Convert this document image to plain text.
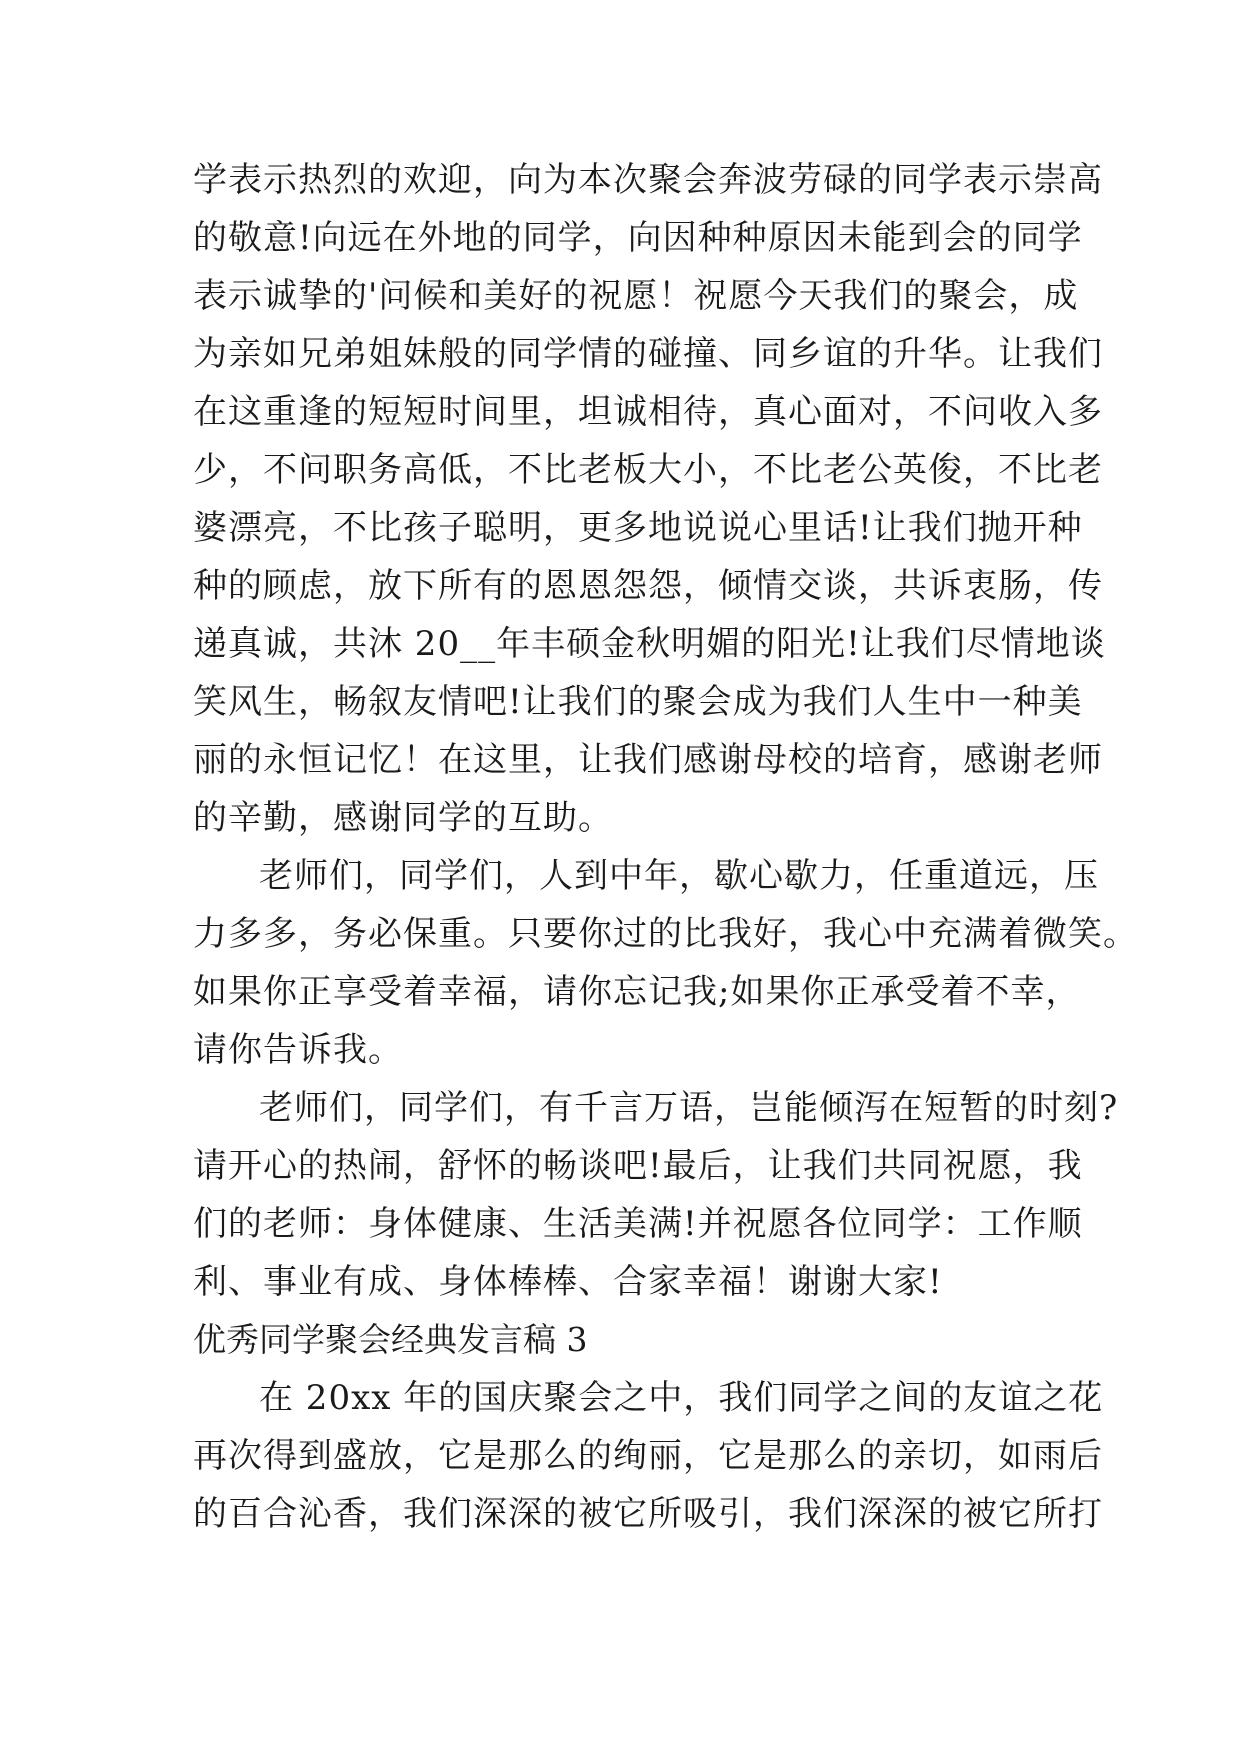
学表示热烈的欢迎，向为本次聚会奔波劳碌的同学表示崇高
的敬意!向远在外地的同学，向因种种原因未能到会的同学
表示诚挚的'问候和美好的祝愿！祝愿今天我们的聚会，成
为亲如兄弟姐妹般的同学情的碰撞、同乡谊的升华。让我们
在这重逢的短短时间里，坦诚相待，真心面对，不问收入多
少，不问职务高低，不比老板大小，不比老公英俊，不比老
婆漂亮，不比孩子聪明，更多地说说心里话!让我们抛开种
种的顾虑，放下所有的恩恩怨怨，倾情交谈，共诉衷肠，传
递真诚，共沐 20__年丰硕金秋明媚的阳光!让我们尽情地谈
笑风生，畅叙友情吧!让我们的聚会成为我们人生中一种美
丽的永恒记忆！在这里，让我们感谢母校的培育，感谢老师
的辛勤，感谢同学的互助。
老师们，同学们，人到中年，歇心歇力，任重道远，压
力多多，务必保重。只要你过的比我好，我心中充满着微笑。
如果你正享受着幸福，请你忘记我;如果你正承受着不幸，
请你告诉我。
老师们，同学们，有千言万语，岂能倾泻在短暂的时刻?
请开心的热闹，舒怀的畅谈吧!最后，让我们共同祝愿，我
们的老师：身体健康、生活美满!并祝愿各位同学：工作顺
利、事业有成、身体棒棒、合家幸福！谢谢大家!
优秀同学聚会经典发言稿 3
在 20xx 年的国庆聚会之中，我们同学之间的友谊之花
再次得到盛放，它是那么的绚丽，它是那么的亲切，如雨后
的百合沁香，我们深深的被它所吸引，我们深深的被它所打
